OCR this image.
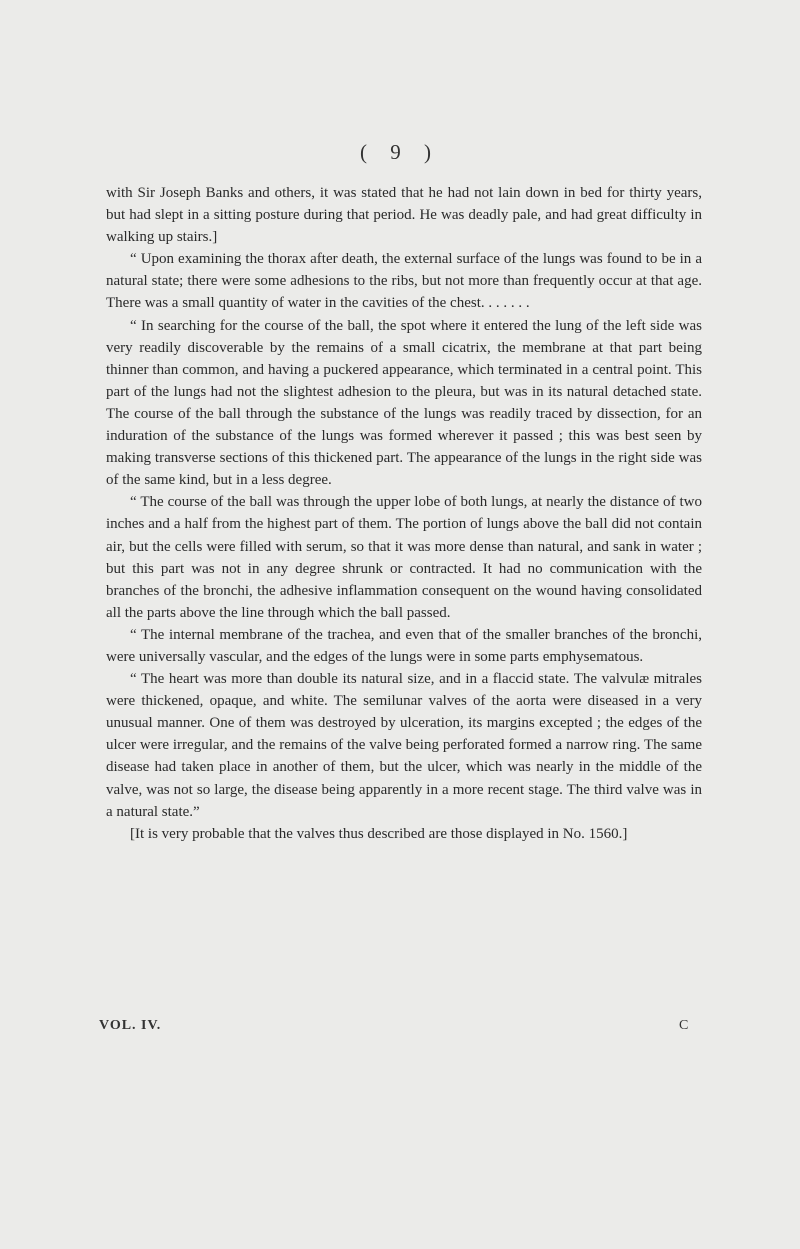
( 9 )

with Sir Joseph Banks and others, it was stated that he had not lain down in bed for thirty years, but had slept in a sitting posture during that period. He was deadly pale, and had great difficulty in walking up stairs.]

“ Upon examining the thorax after death, the external surface of the lungs was found to be in a natural state; there were some adhesions to the ribs, but not more than frequently occur at that age. There was a small quantity of water in the cavities of the chest. . . . . . .

“ In searching for the course of the ball, the spot where it entered the lung of the left side was very readily discoverable by the remains of a small cicatrix, the membrane at that part being thinner than common, and having a puckered appearance, which terminated in a central point. This part of the lungs had not the slightest adhesion to the pleura, but was in its natural detached state. The course of the ball through the substance of the lungs was readily traced by dissection, for an induration of the substance of the lungs was formed wherever it passed ; this was best seen by making transverse sections of this thickened part. The appearance of the lungs in the right side was of the same kind, but in a less degree.

“ The course of the ball was through the upper lobe of both lungs, at nearly the distance of two inches and a half from the highest part of them. The portion of lungs above the ball did not contain air, but the cells were filled with serum, so that it was more dense than natural, and sank in water ; but this part was not in any degree shrunk or contracted. It had no communication with the branches of the bronchi, the adhesive inflammation consequent on the wound having consolidated all the parts above the line through which the ball passed.

“ The internal membrane of the trachea, and even that of the smaller branches of the bronchi, were universally vascular, and the edges of the lungs were in some parts emphysematous.

“ The heart was more than double its natural size, and in a flaccid state. The valvulæ mitrales were thickened, opaque, and white. The semilunar valves of the aorta were diseased in a very unusual manner. One of them was destroyed by ulceration, its margins excepted ; the edges of the ulcer were irregular, and the remains of the valve being perforated formed a narrow ring. The same disease had taken place in another of them, but the ulcer, which was nearly in the middle of the valve, was not so large, the disease being apparently in a more recent stage. The third valve was in a natural state.”

[It is very probable that the valves thus described are those displayed in No. 1560.]

VOL. IV.	C
